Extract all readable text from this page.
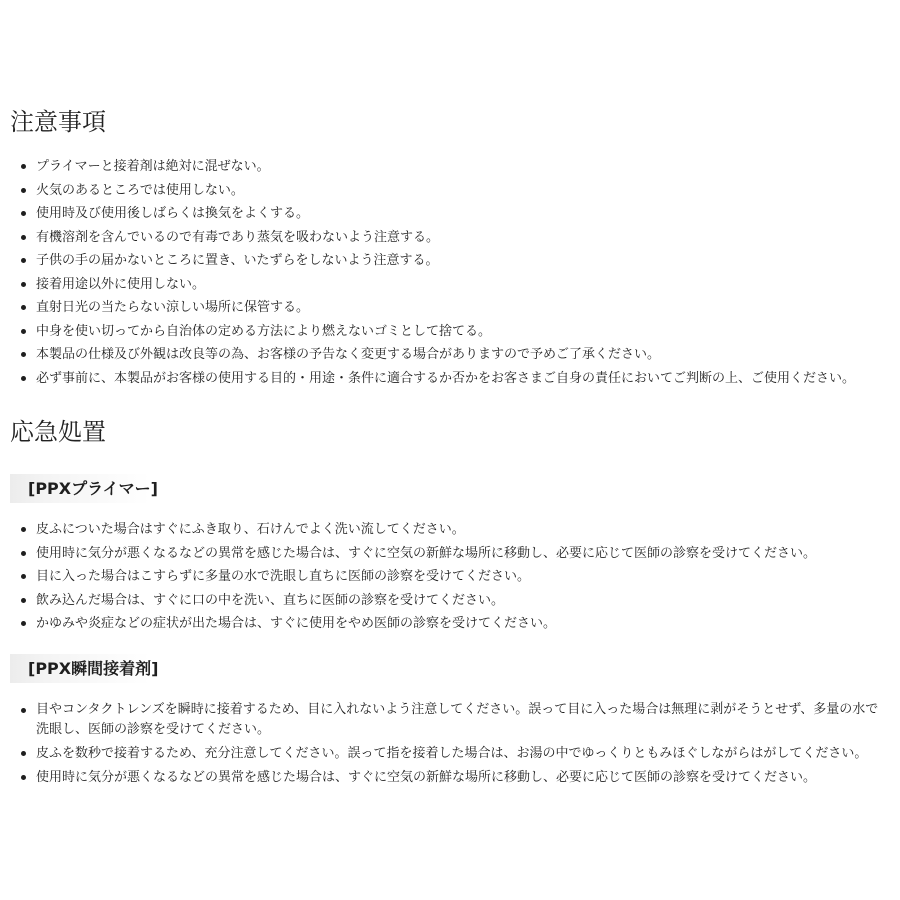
注意事項
プライマーと接着剤は絶対に混ぜない。
火気のあるところでは使用しない。
使用時及び使用後しばらくは換気をよくする。
有機溶剤を含んでいるので有毒であり蒸気を吸わないよう注意する。
子供の手の届かないところに置き、いたずらをしないよう注意する。
接着用途以外に使用しない。
直射日光の当たらない涼しい場所に保管する。
中身を使い切ってから自治体の定める方法により燃えないゴミとして捨てる。
本製品の仕様及び外観は改良等の為、お客様の予告なく変更する場合がありますので予めご了承ください。
必ず事前に、本製品がお客様の使用する目的・用途・条件に適合するか否かをお客さまご自身の責任においてご判断の上、ご使用ください。
応急処置
[PPXプライマー]
皮ふについた場合はすぐにふき取り、石けんでよく洗い流してください。
使用時に気分が悪くなるなどの異常を感じた場合は、すぐに空気の新鮮な場所に移動し、必要に応じて医師の診察を受けてください。
目に入った場合はこすらずに多量の水で洗眼し直ちに医師の診察を受けてください。
飲み込んだ場合は、すぐに口の中を洗い、直ちに医師の診察を受けてください。
かゆみや炎症などの症状が出た場合は、すぐに使用をやめ医師の診察を受けてください。
[PPX瞬間接着剤]
目やコンタクトレンズを瞬時に接着するため、目に入れないよう注意してください。誤って目に入った場合は無理に剥がそうとせず、多量の水で洗眼し、医師の診察を受けてください。
皮ふを数秒で接着するため、充分注意してください。誤って指を接着した場合は、お湯の中でゆっくりともみほぐしながらはがしてください。
使用時に気分が悪くなるなどの異常を感じた場合は、すぐに空気の新鮮な場所に移動し、必要に応じて医師の診察を受けてください。
